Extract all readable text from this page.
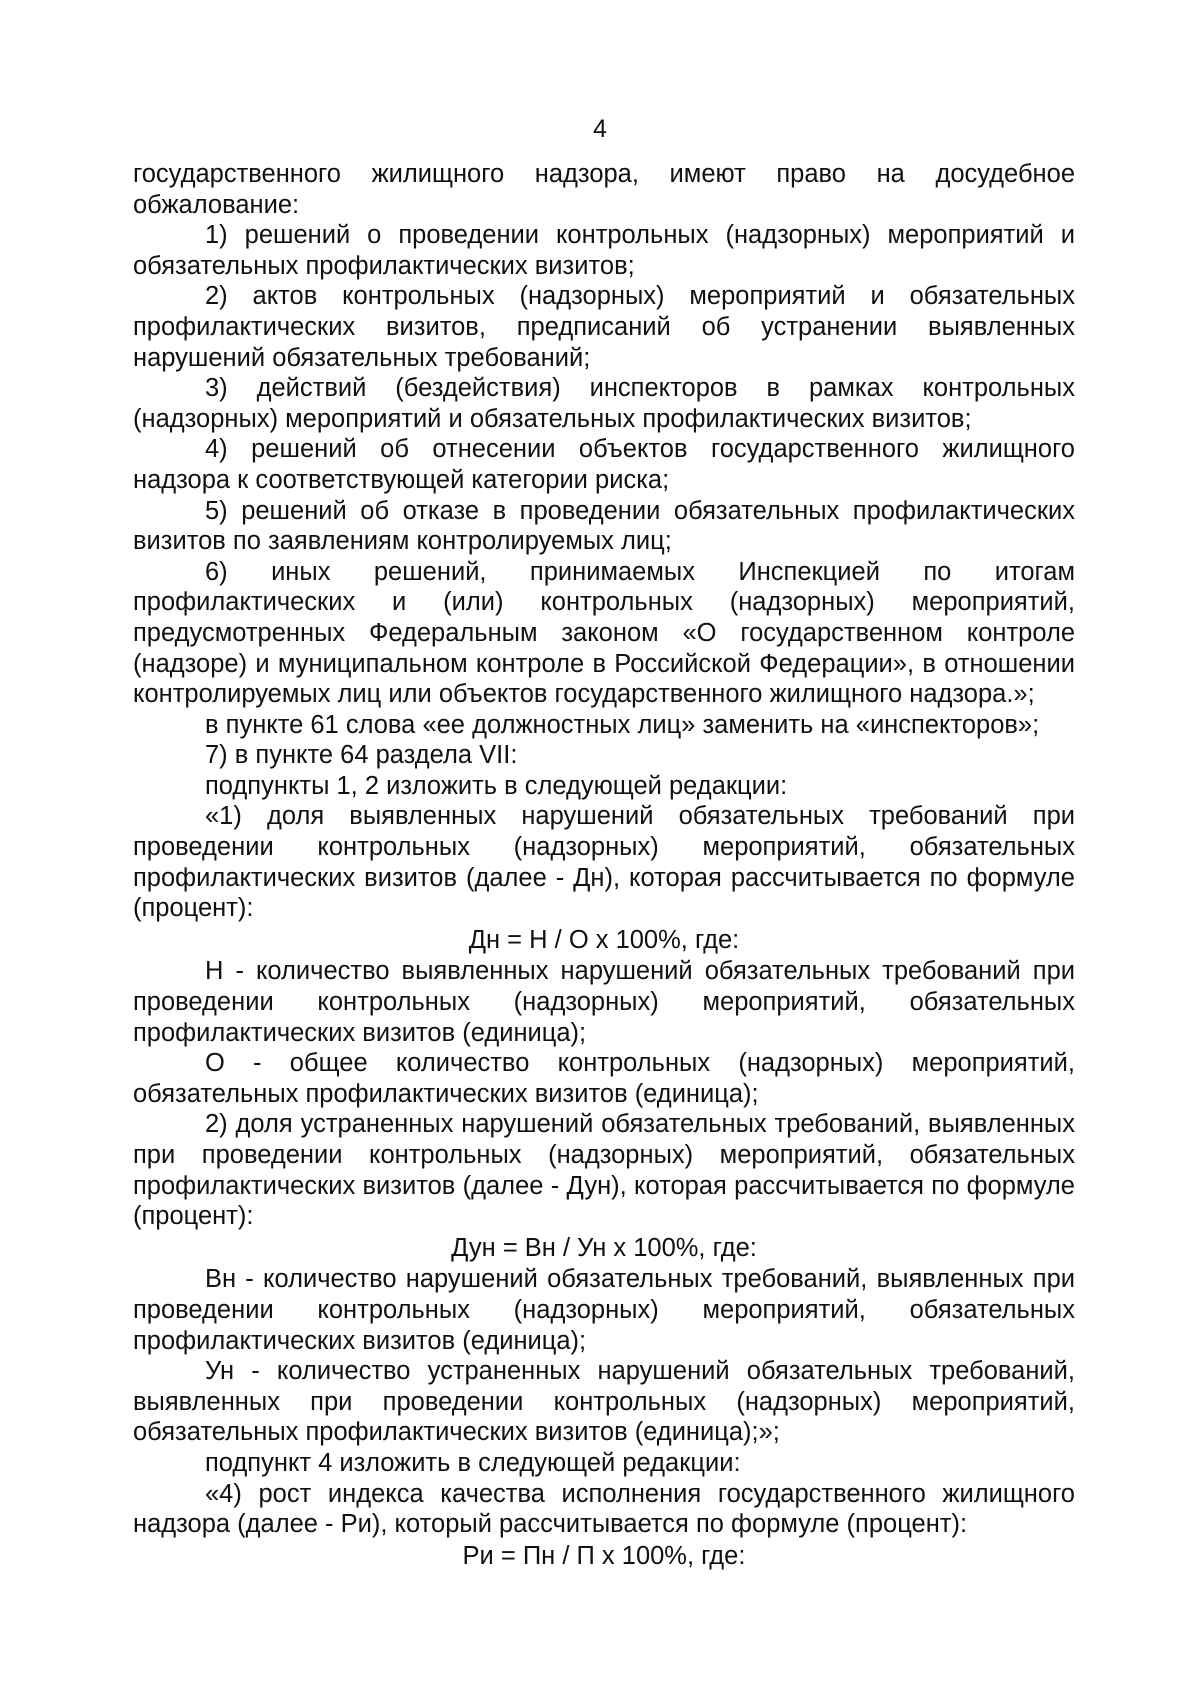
4

государственного жилищного надзора, имеют право на досудебное обжалование:

1) решений о проведении контрольных (надзорных) мероприятий и обязательных профилактических визитов;

2) актов контрольных (надзорных) мероприятий и обязательных профилактических визитов, предписаний об устранении выявленных нарушений обязательных требований;

3) действий (бездействия) инспекторов в рамках контрольных (надзорных) мероприятий и обязательных профилактических визитов;

4) решений об отнесении объектов государственного жилищного надзора к соответствующей категории риска;

5) решений об отказе в проведении обязательных профилактических визитов по заявлениям контролируемых лиц;

6) иных решений, принимаемых Инспекцией по итогам профилактических и (или) контрольных (надзорных) мероприятий, предусмотренных Федеральным законом «О государственном контроле (надзоре) и муниципальном контроле в Российской Федерации», в отношении контролируемых лиц или объектов государственного жилищного надзора.»;

в пункте 61 слова «ее должностных лиц» заменить на «инспекторов»;

7) в пункте 64 раздела VII:

подпункты 1, 2 изложить в следующей редакции:

«1) доля выявленных нарушений обязательных требований при проведении контрольных (надзорных) мероприятий, обязательных профилактических визитов (далее - Дн), которая рассчитывается по формуле (процент):

Дн = Н / О х 100%, где:

Н - количество выявленных нарушений обязательных требований при проведении контрольных (надзорных) мероприятий, обязательных профилактических визитов (единица);

О - общее количество контрольных (надзорных) мероприятий, обязательных профилактических визитов (единица);

2) доля устраненных нарушений обязательных требований, выявленных при проведении контрольных (надзорных) мероприятий, обязательных профилактических визитов (далее - Дун), которая рассчитывается по формуле (процент):

Дун = Вн / Ун х 100%, где:

Вн - количество нарушений обязательных требований, выявленных при проведении контрольных (надзорных) мероприятий, обязательных профилактических визитов (единица);

Ун - количество устраненных нарушений обязательных требований, выявленных при проведении контрольных (надзорных) мероприятий, обязательных профилактических визитов (единица);»;

подпункт 4 изложить в следующей редакции:

«4) рост индекса качества исполнения государственного жилищного надзора (далее - Ри), который рассчитывается по формуле (процент):

Ри = Пн / П х 100%, где:
